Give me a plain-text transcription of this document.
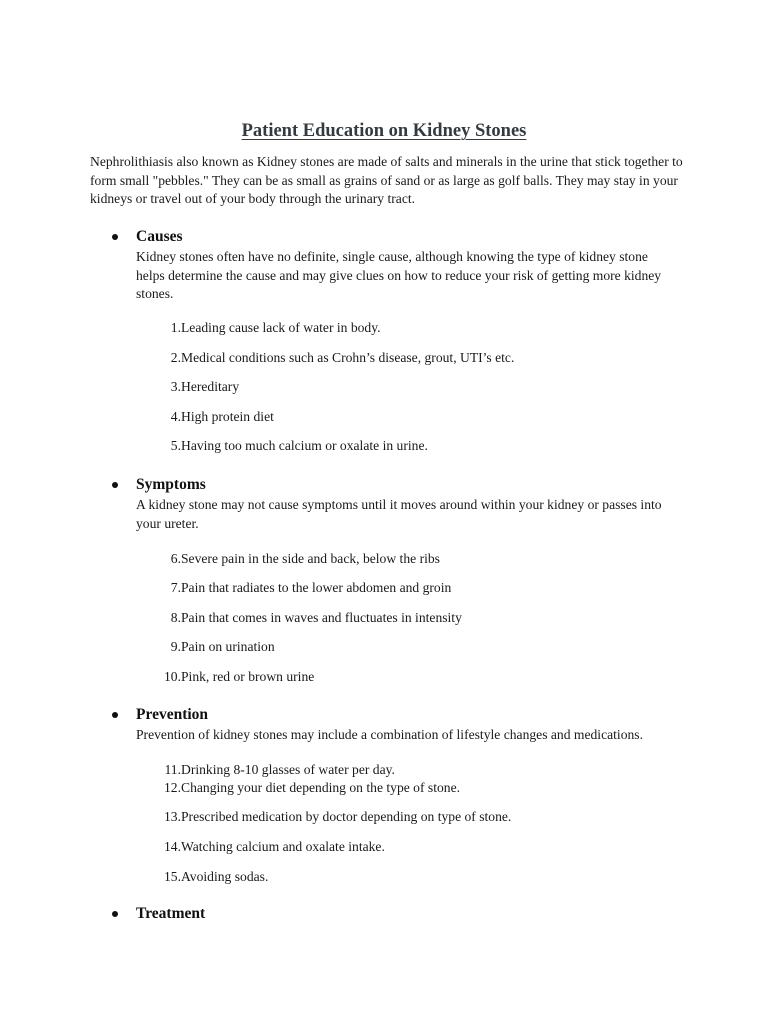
Patient Education on Kidney Stones

Nephrolithiasis also known as Kidney stones are made of salts and minerals in the urine that stick together to form small "pebbles." They can be as small as grains of sand or as large as golf balls. They may stay in your kidneys or travel out of your body through the urinary tract.

Causes

Kidney stones often have no definite, single cause, although knowing the type of kidney stone helps determine the cause and may give clues on how to reduce your risk of getting more kidney stones.

1. Leading cause lack of water in body.
2. Medical conditions such as Crohn’s disease, grout, UTI’s etc.
3. Hereditary
4. High protein diet
5. Having too much calcium or oxalate in urine.
Symptoms

A kidney stone may not cause symptoms until it moves around within your kidney or passes into your ureter.

6. Severe pain in the side and back, below the ribs
7. Pain that radiates to the lower abdomen and groin
8. Pain that comes in waves and fluctuates in intensity
9. Pain on urination
10. Pink, red or brown urine
Prevention

Prevention of kidney stones may include a combination of lifestyle changes and medications.

11. Drinking 8-10 glasses of water per day.
12. Changing your diet depending on the type of stone.
13. Prescribed medication by doctor depending on type of stone.
14. Watching calcium and oxalate intake.
15. Avoiding sodas.
Treatment
